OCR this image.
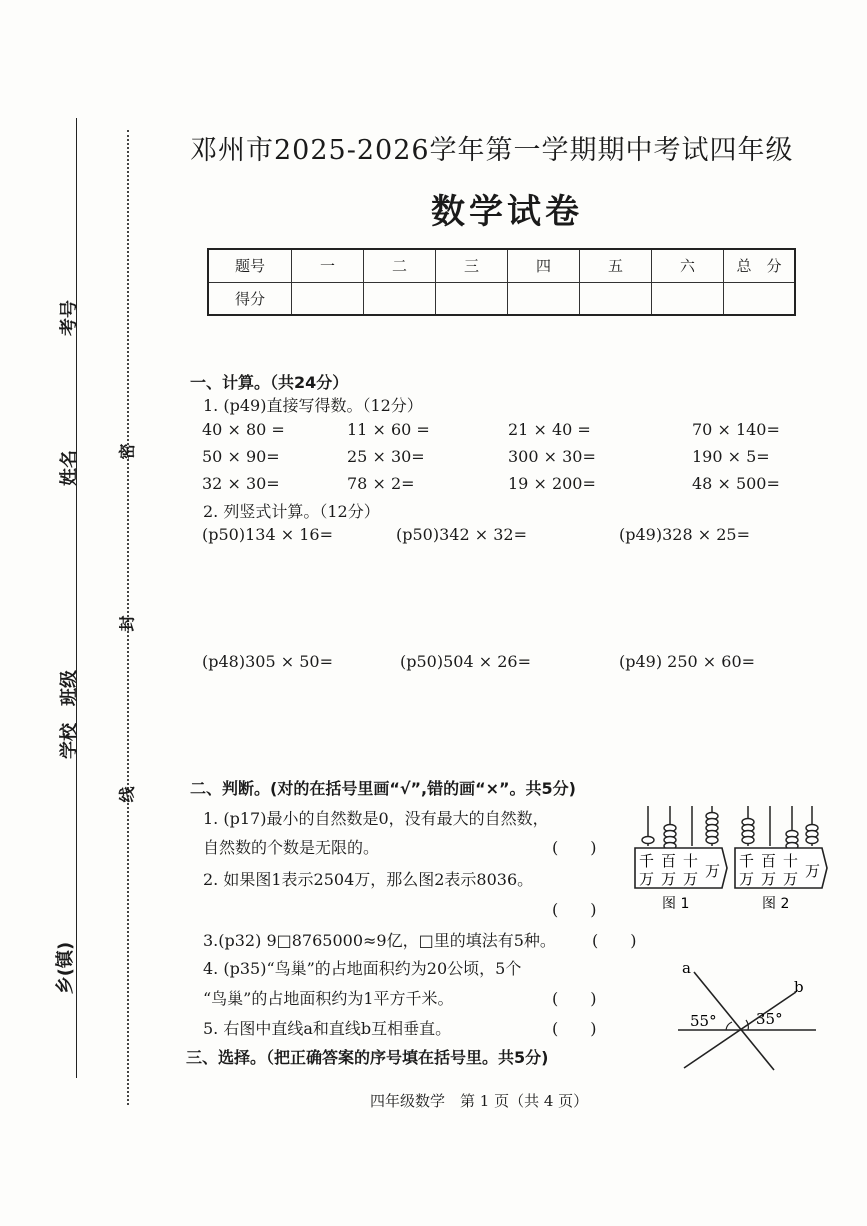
考号
姓名
班级
学校
乡(镇)
密
封
线
邓州市2025-2026学年第一学期期中考试四年级
数学试卷
题号	一	二	三	四	五	六	总　分
得分							
一、计算。（共24分）
1. (p49)直接写得数。（12分）
40 × 80 =	11 × 60 =	21 × 40 =	70 × 140=
50 × 90=	25 × 30=	300 × 30=	190 × 5=
32 × 30=	78 × 2=	19 × 200=	48 × 500=
2. 列竖式计算。（12分）
(p50)134 × 16=	(p50)342 × 32=	(p49)328 × 25=
(p48)305 × 50=	(p50)504 × 26=	(p49) 250 × 60=
二、判断。(对的在括号里画“√”,错的画“×”。共5分)
1. (p17)最小的自然数是0，没有最大的自然数，
自然数的个数是无限的。	(　　)
2. 如果图1表示2504万，那么图2表示8036。
(　　)
3.(p32) 9□8765000≈9亿，□里的填法有5种。 (　　)
4. (p35)“鸟巢”的占地面积约为20公顷，5个
“鸟巢”的占地面积约为1平方千米。	(　　)
5. 右图中直线a和直线b互相垂直。	(　　)
千 百 十
万 万 万 万
图 1
千 百 十
万 万 万 万
图 2
a
b
55°	35°
三、选择。（把正确答案的序号填在括号里。共5分)
四年级数学　第 1 页（共 4 页）
